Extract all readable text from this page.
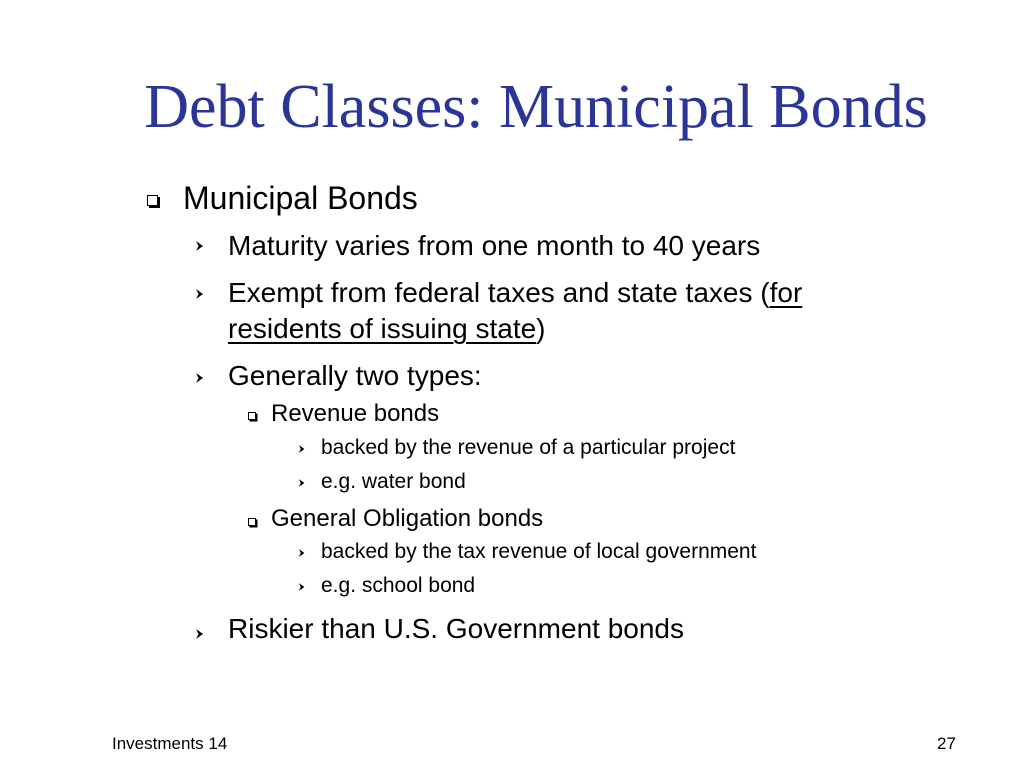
Debt Classes: Municipal Bonds
Municipal Bonds
Maturity varies from one month to 40 years
Exempt from federal taxes and state taxes (for
residents of issuing state)
Generally two types:
Revenue bonds
backed by the revenue of a particular project
e.g. water bond
General Obligation bonds
backed by the tax revenue of local government
e.g. school bond
Riskier than U.S. Government bonds
Investments 14	27
